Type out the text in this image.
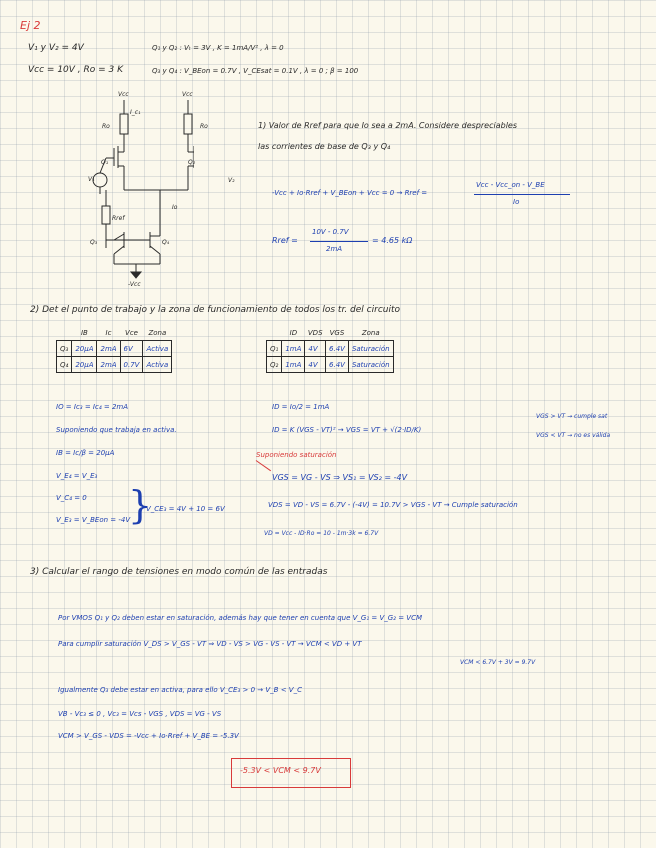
Ej 2
V₁ y V₂ = 4V	Q₁ y Q₂ : Vₜ = 3V , K = 1mA/V² , λ = 0
Vcc = 10V , Ro = 3 K	Q₃ y Q₄ : V_BEon = 0.7V , V_CEsat = 0.1V , λ = 0 ; β = 100
Vcc	Vcc
Ro	Ro
I_c₁
V₁	V₂
Q₁	Q₂
Q₃	Q₄
Rref
Io
-Vcc
1) Valor de Rref para que Io sea a 2mA. Considere despreciables
las corrientes de base de Q₃ y Q₄
-Vcc + Io·Rref + V_BEon + Vcc = 0 → Rref =
Vcc - Vcc_on - V_BE
Io
Rref =
10V - 0.7V
2mA
= 4.65 kΩ
2) Det el punto de trabajo y la zona de funcionamiento de todos los tr. del circuito
	IB	Ic	Vce	Zona
Q₃	20μA	2mA	6V	Activa
Q₄	20μA	2mA	0.7V	Activa
	ID	VDS	VGS	Zona
Q₁	1mA	4V	6.4V	Saturación
Q₂	1mA	4V	6.4V	Saturación
IO = Ic₃ = Ic₄ = 2mA
Suponiendo que trabaja en activa.
IB = Ic/β = 20μA
V_E₄ = V_E₃
V_C₄ = 0
V_E₃ = V_BEon = -4V
}
V_CE₃ = 4V + 10 = 6V
ID = Io/2 = 1mA
ID = K (VGS - VT)² → VGS = VT + √(2·ID/K)
VGS > VT → cumple sat
VGS < VT → no es válida
Suponiendo saturación
VGS = VG - VS ⇒ VS₁ = VS₂ = -4V
VDS = VD - VS = 6.7V - (-4V) = 10.7V > VGS - VT → Cumple saturación
VD = Vcc - ID·Ro = 10 - 1m·3k = 6.7V
3) Calcular el rango de tensiones en modo común de las entradas
Por VMOS Q₁ y Q₂ deben estar en saturación, además hay que tener en cuenta que V_G₁ = V_G₂ = VCM
Para cumplir saturación V_DS > V_GS - VT ⇒ VD - VS > VG - VS - VT → VCM < VD + VT
VCM < 6.7V + 3V = 9.7V
Igualmente Q₃ debe estar en activa, para ello V_CE₃ > 0 → V_B < V_C
VB - Vc₃ ≤ 0 , Vc₃ = Vcs - VGS , VDS = VG - VS
VCM > V_GS - VDS = -Vcc + Io·Rref + V_BE = -5.3V
-5.3V < VCM < 9.7V
